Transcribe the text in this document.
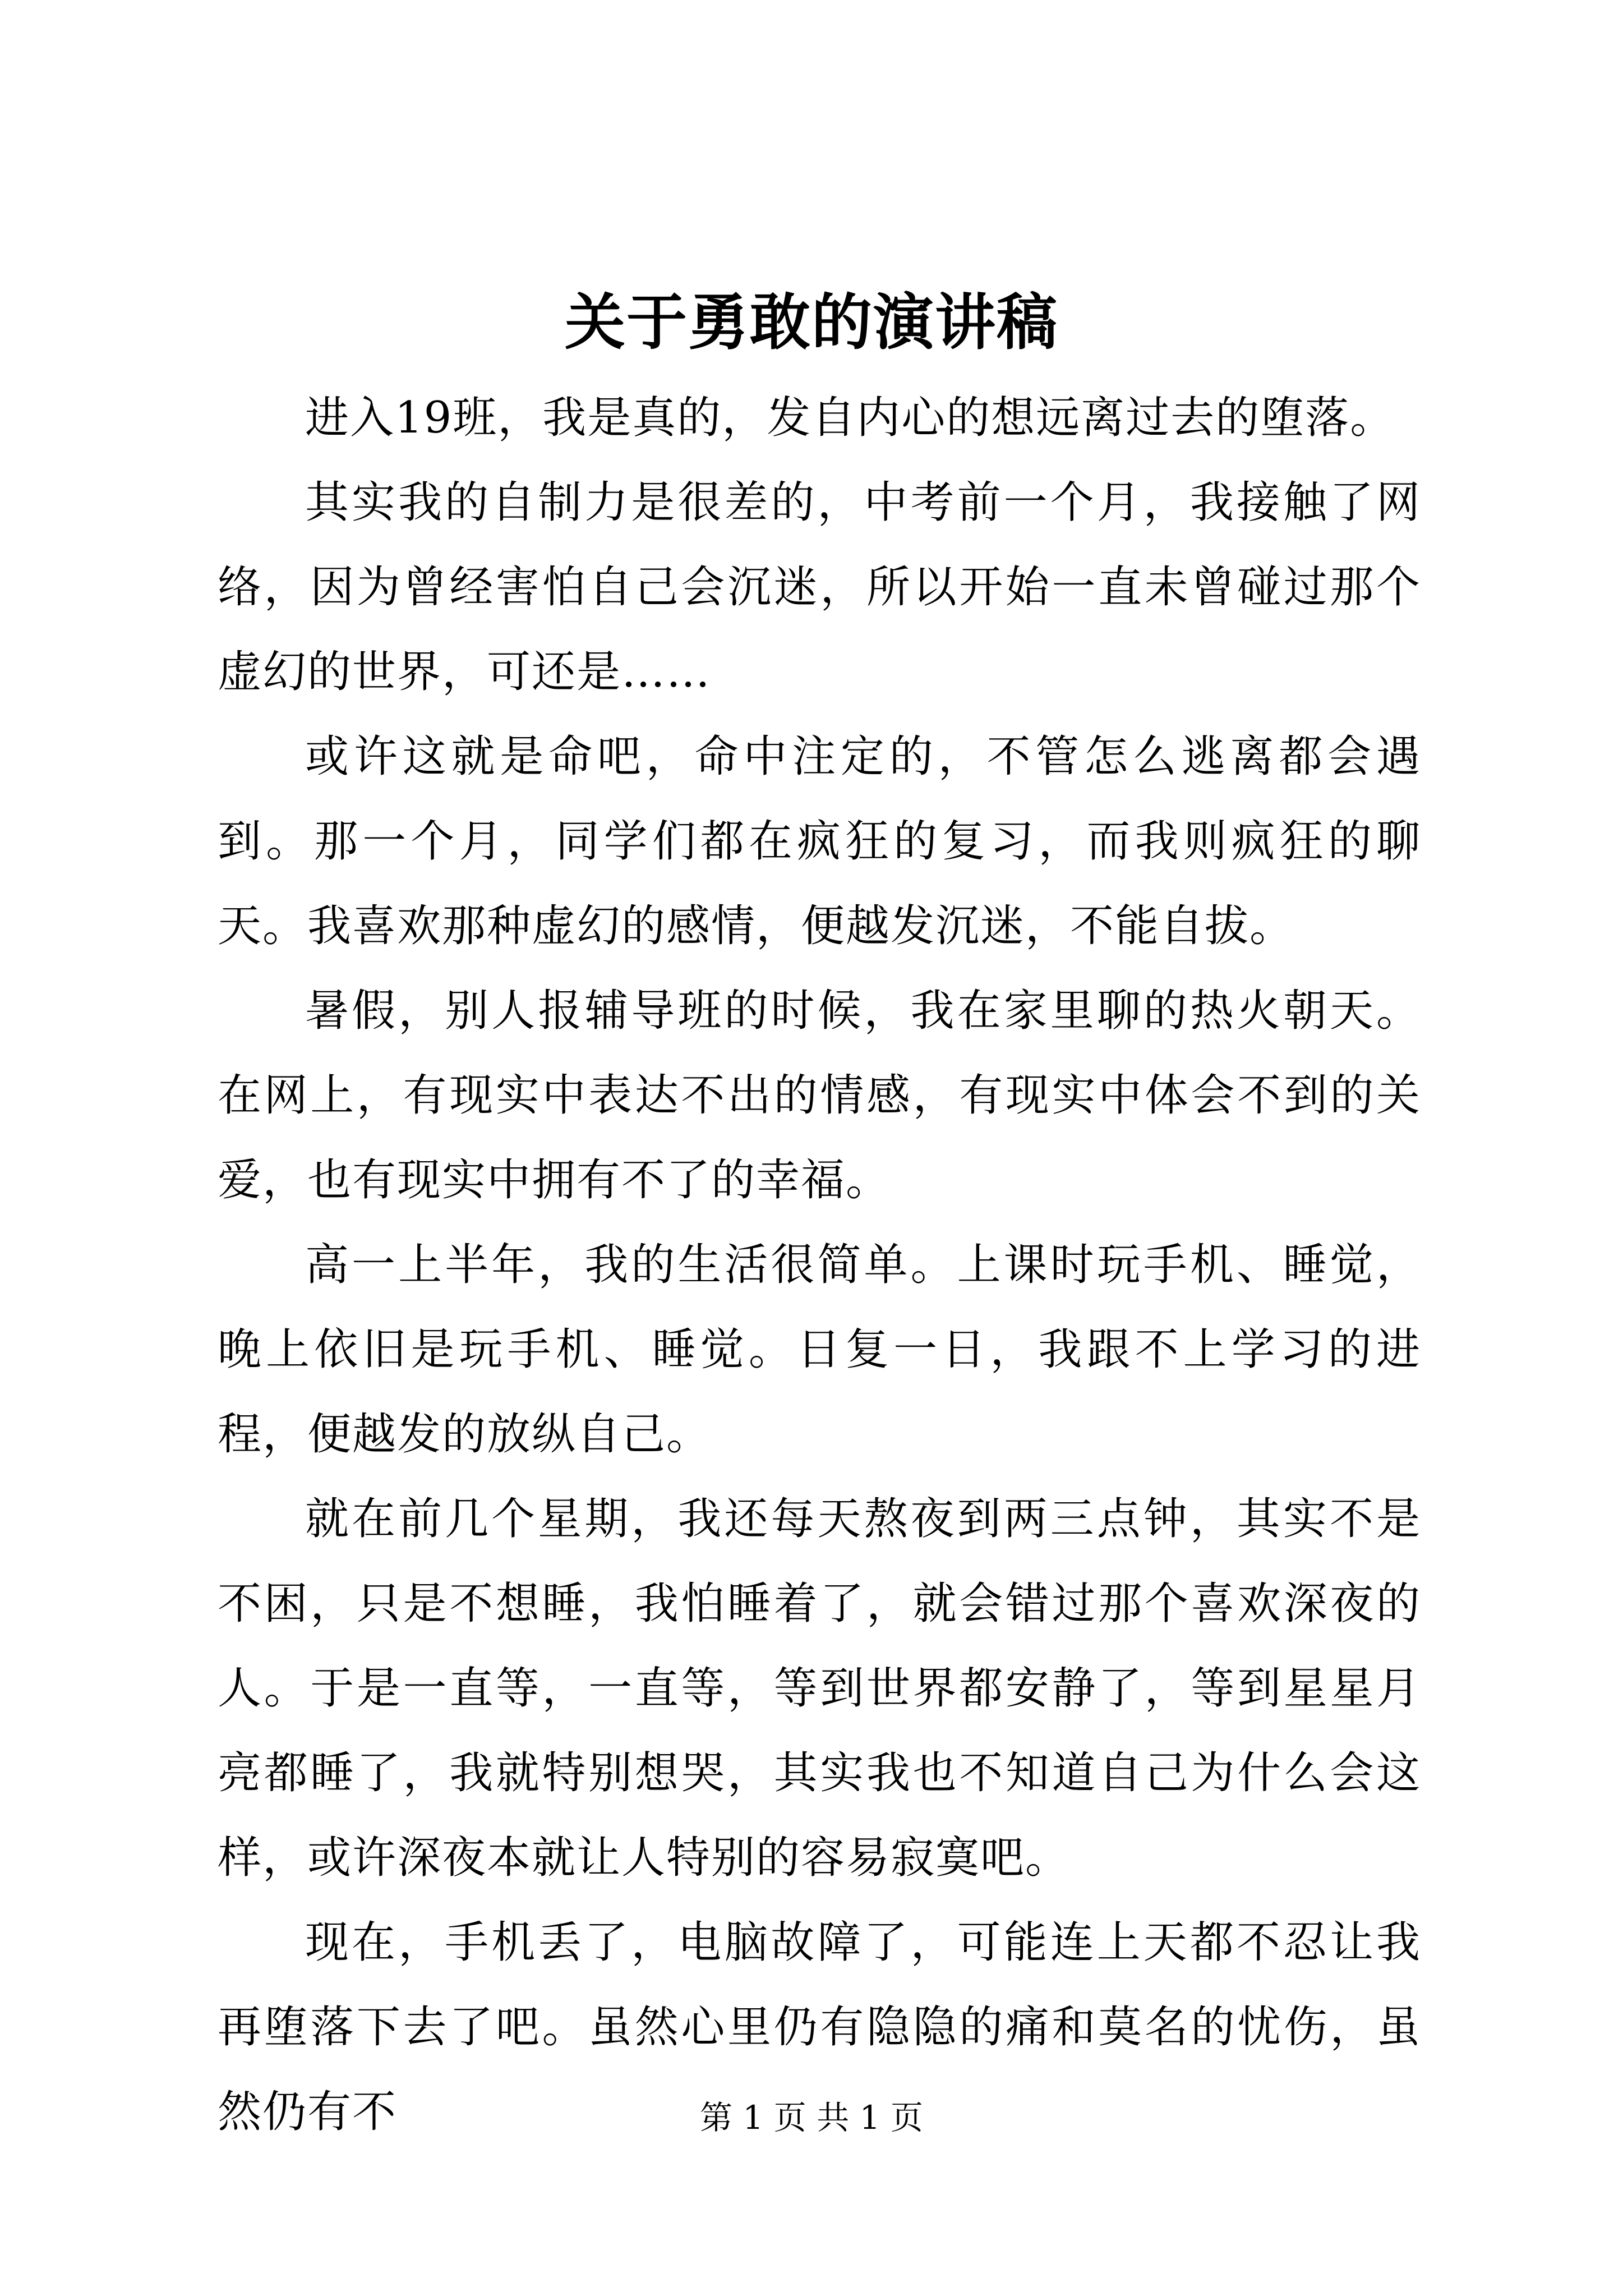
关于勇敢的演讲稿

进入19班，我是真的，发自内心的想远离过去的堕落。

其实我的自制力是很差的，中考前一个月，我接触了网络，因为曾经害怕自己会沉迷，所以开始一直未曾碰过那个虚幻的世界，可还是……

或许这就是命吧，命中注定的，不管怎么逃离都会遇到。那一个月，同学们都在疯狂的复习，而我则疯狂的聊天。我喜欢那种虚幻的感情，便越发沉迷，不能自拔。

暑假，别人报辅导班的时候，我在家里聊的热火朝天。在网上，有现实中表达不出的情感，有现实中体会不到的关爱，也有现实中拥有不了的幸福。

高一上半年，我的生活很简单。上课时玩手机、睡觉，晚上依旧是玩手机、睡觉。日复一日，我跟不上学习的进程，便越发的放纵自己。

就在前几个星期，我还每天熬夜到两三点钟，其实不是不困，只是不想睡，我怕睡着了，就会错过那个喜欢深夜的人。于是一直等，一直等，等到世界都安静了，等到星星月亮都睡了，我就特别想哭，其实我也不知道自己为什么会这样，或许深夜本就让人特别的容易寂寞吧。

现在，手机丢了，电脑故障了，可能连上天都不忍让我再堕落下去了吧。虽然心里仍有隐隐的痛和莫名的忧伤，虽然仍有不	第 1 页 共 1 页
